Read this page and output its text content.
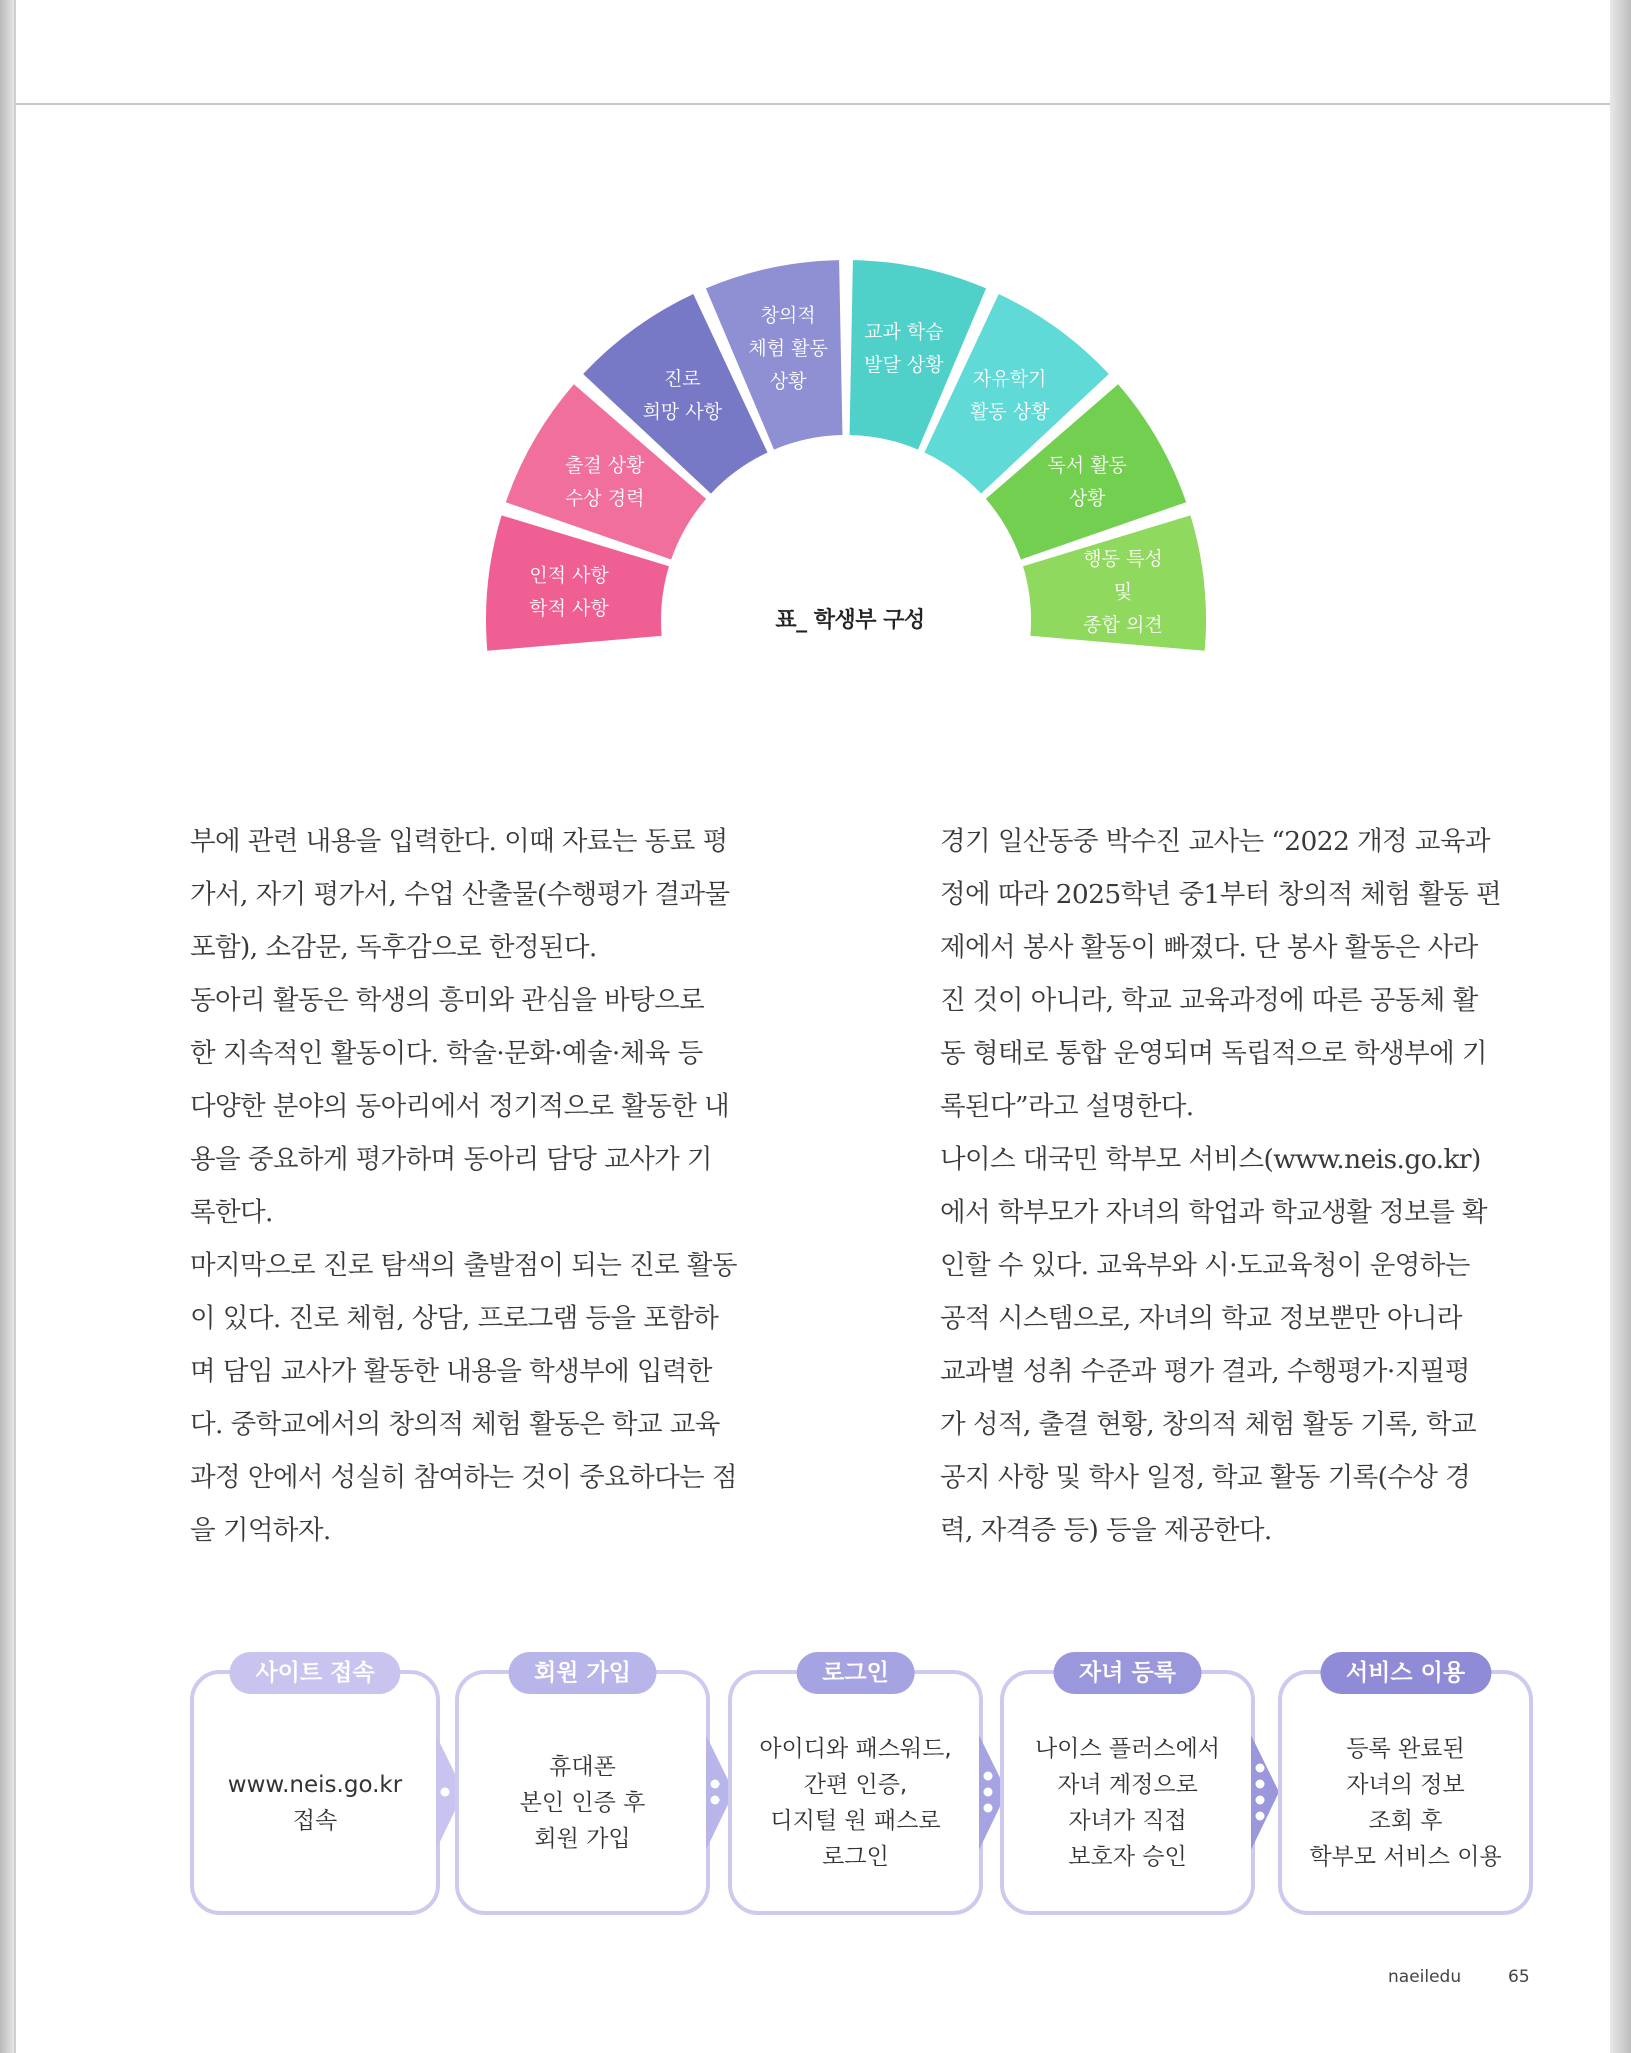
인적 사항 학적 사항
출결 상황 수상 경력
진로 희망 사항
창의적 체험 활동 상황
교과 학습 발달 상황
자유학기 활동 상황
독서 활동 상황
행동 특성 및 종합 의견
표_ 학생부 구성
부에 관련 내용을 입력한다. 이때 자료는 동료 평
가서, 자기 평가서, 수업 산출물(수행평가 결과물
포함), 소감문, 독후감으로 한정된다.
동아리 활동은 학생의 흥미와 관심을 바탕으로
한 지속적인 활동이다. 학술·문화·예술·체육 등
다양한 분야의 동아리에서 정기적으로 활동한 내
용을 중요하게 평가하며 동아리 담당 교사가 기
록한다.
마지막으로 진로 탐색의 출발점이 되는 진로 활동
이 있다. 진로 체험, 상담, 프로그램 등을 포함하
며 담임 교사가 활동한 내용을 학생부에 입력한
다. 중학교에서의 창의적 체험 활동은 학교 교육
과정 안에서 성실히 참여하는 것이 중요하다는 점
을 기억하자.
경기 일산동중 박수진 교사는 “2022 개정 교육과
정에 따라 2025학년 중1부터 창의적 체험 활동 편
제에서 봉사 활동이 빠졌다. 단 봉사 활동은 사라
진 것이 아니라, 학교 교육과정에 따른 공동체 활
동 형태로 통합 운영되며 독립적으로 학생부에 기
록된다”라고 설명한다.
나이스 대국민 학부모 서비스(www.neis.go.kr)
에서 학부모가 자녀의 학업과 학교생활 정보를 확
인할 수 있다. 교육부와 시·도교육청이 운영하는
공적 시스템으로, 자녀의 학교 정보뿐만 아니라
교과별 성취 수준과 평가 결과, 수행평가·지필평
가 성적, 출결 현황, 창의적 체험 활동 기록, 학교
공지 사항 및 학사 일정, 학교 활동 기록(수상 경
력, 자격증 등) 등을 제공한다.
사이트 접속
www.neis.go.kr
접속
회원 가입
휴대폰
본인 인증 후
회원 가입
로그인
아이디와 패스워드,
간편 인증,
디지털 원 패스로
로그인
자녀 등록
나이스 플러스에서
자녀 계정으로
자녀가 직접
보호자 승인
서비스 이용
등록 완료된
자녀의 정보
조회 후
학부모 서비스 이용
naeiledu	65
